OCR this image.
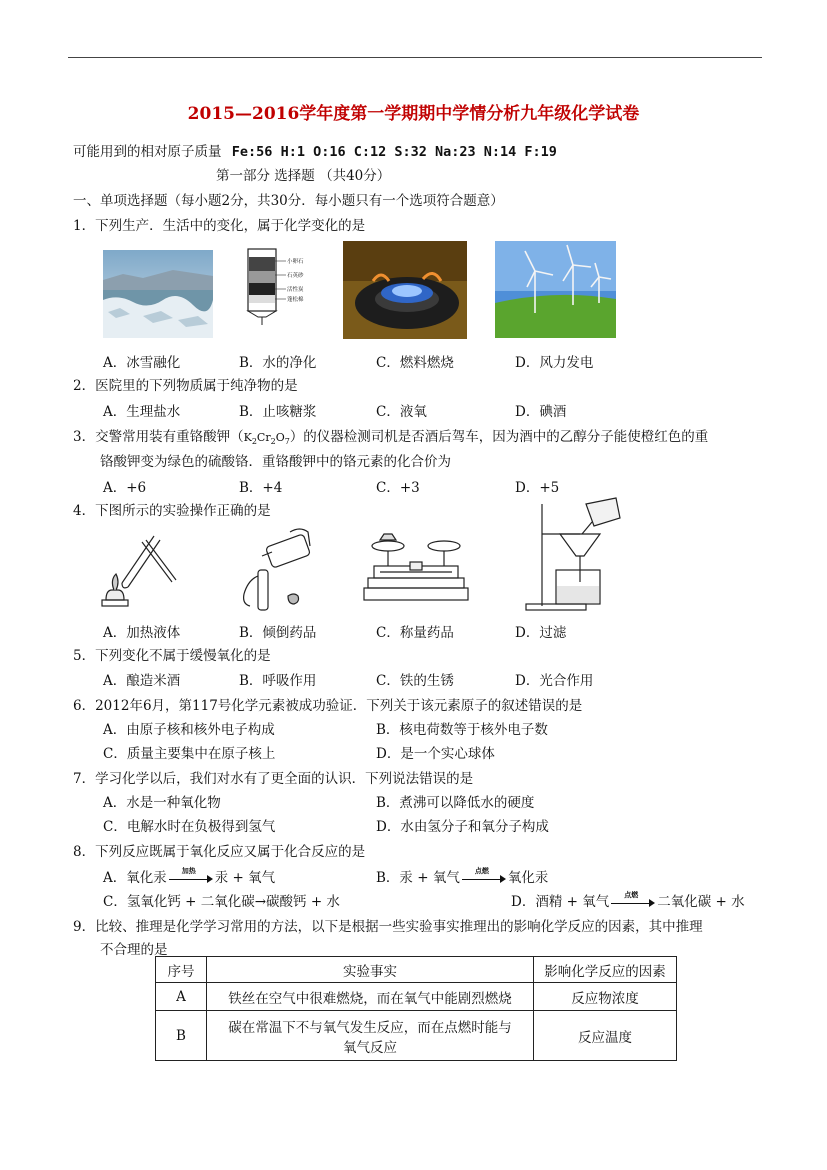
2015—2016学年度第一学期期中学情分析九年级化学试卷
可能用到的相对原子质量 Fe:56 H:1 O:16 C:12 S:32 Na:23 N:14 F:19
第一部分 选择题 （共40分）
一、单项选择题（每小题2分，共30分．每小题只有一个选项符合题意）
1．下列生产．生活中的变化，属于化学变化的是
小卵石
石英砂
活性炭
蓬松棉
A．冰雪融化	B．水的净化	C．燃料燃烧	D．风力发电
2．医院里的下列物质属于纯净物的是
A．生理盐水	B．止咳糖浆	C．液氧	D．碘酒
3．交警常用装有重铬酸钾$(K_2Cr_2O_7)$的仪器检测司机是否酒后驾车，因为酒中的乙醇分子能使橙红色的重
铬酸钾变为绿色的硫酸铬．重铬酸钾中的铬元素的化合价为
A．+6	B．+4	C．+3	D．+5
4．下图所示的实验操作正确的是
A．加热液体	B．倾倒药品	C．称量药品	D．过滤
5．下列变化不属于缓慢氧化的是
A．酿造米酒	B．呼吸作用	C．铁的生锈	D．光合作用
6．2012年6月，第117号化学元素被成功验证．下列关于该元素原子的叙述错误的是
A．由原子核和核外电子构成	B．核电荷数等于核外电子数
C．质量主要集中在原子核上	D．是一个实心球体
7．学习化学以后，我们对水有了更全面的认识．下列说法错误的是
A．水是一种氧化物	B．煮沸可以降低水的硬度
C．电解水时在负极得到氢气	D．水由氢分子和氧分子构成
8．下列反应既属于氧化反应又属于化合反应的是
A．氧化汞	加热	汞 + 氧气	B．汞 + 氧气	点燃	氧化汞
C．氢氧化钙 + 二氧化碳→碳酸钙 + 水	D．酒精 + 氧气	点燃	二氧化碳 + 水
9．比较、推理是化学学习常用的方法，以下是根据一些实验事实推理出的影响化学反应的因素，其中推理
不合理的是
序号	实验事实	影响化学反应的因素
A	铁丝在空气中很难燃烧，而在氧气中能剧烈燃烧	反应物浓度
B	碳在常温下不与氧气发生反应，而在点燃时能与
氧气反应	反应温度
